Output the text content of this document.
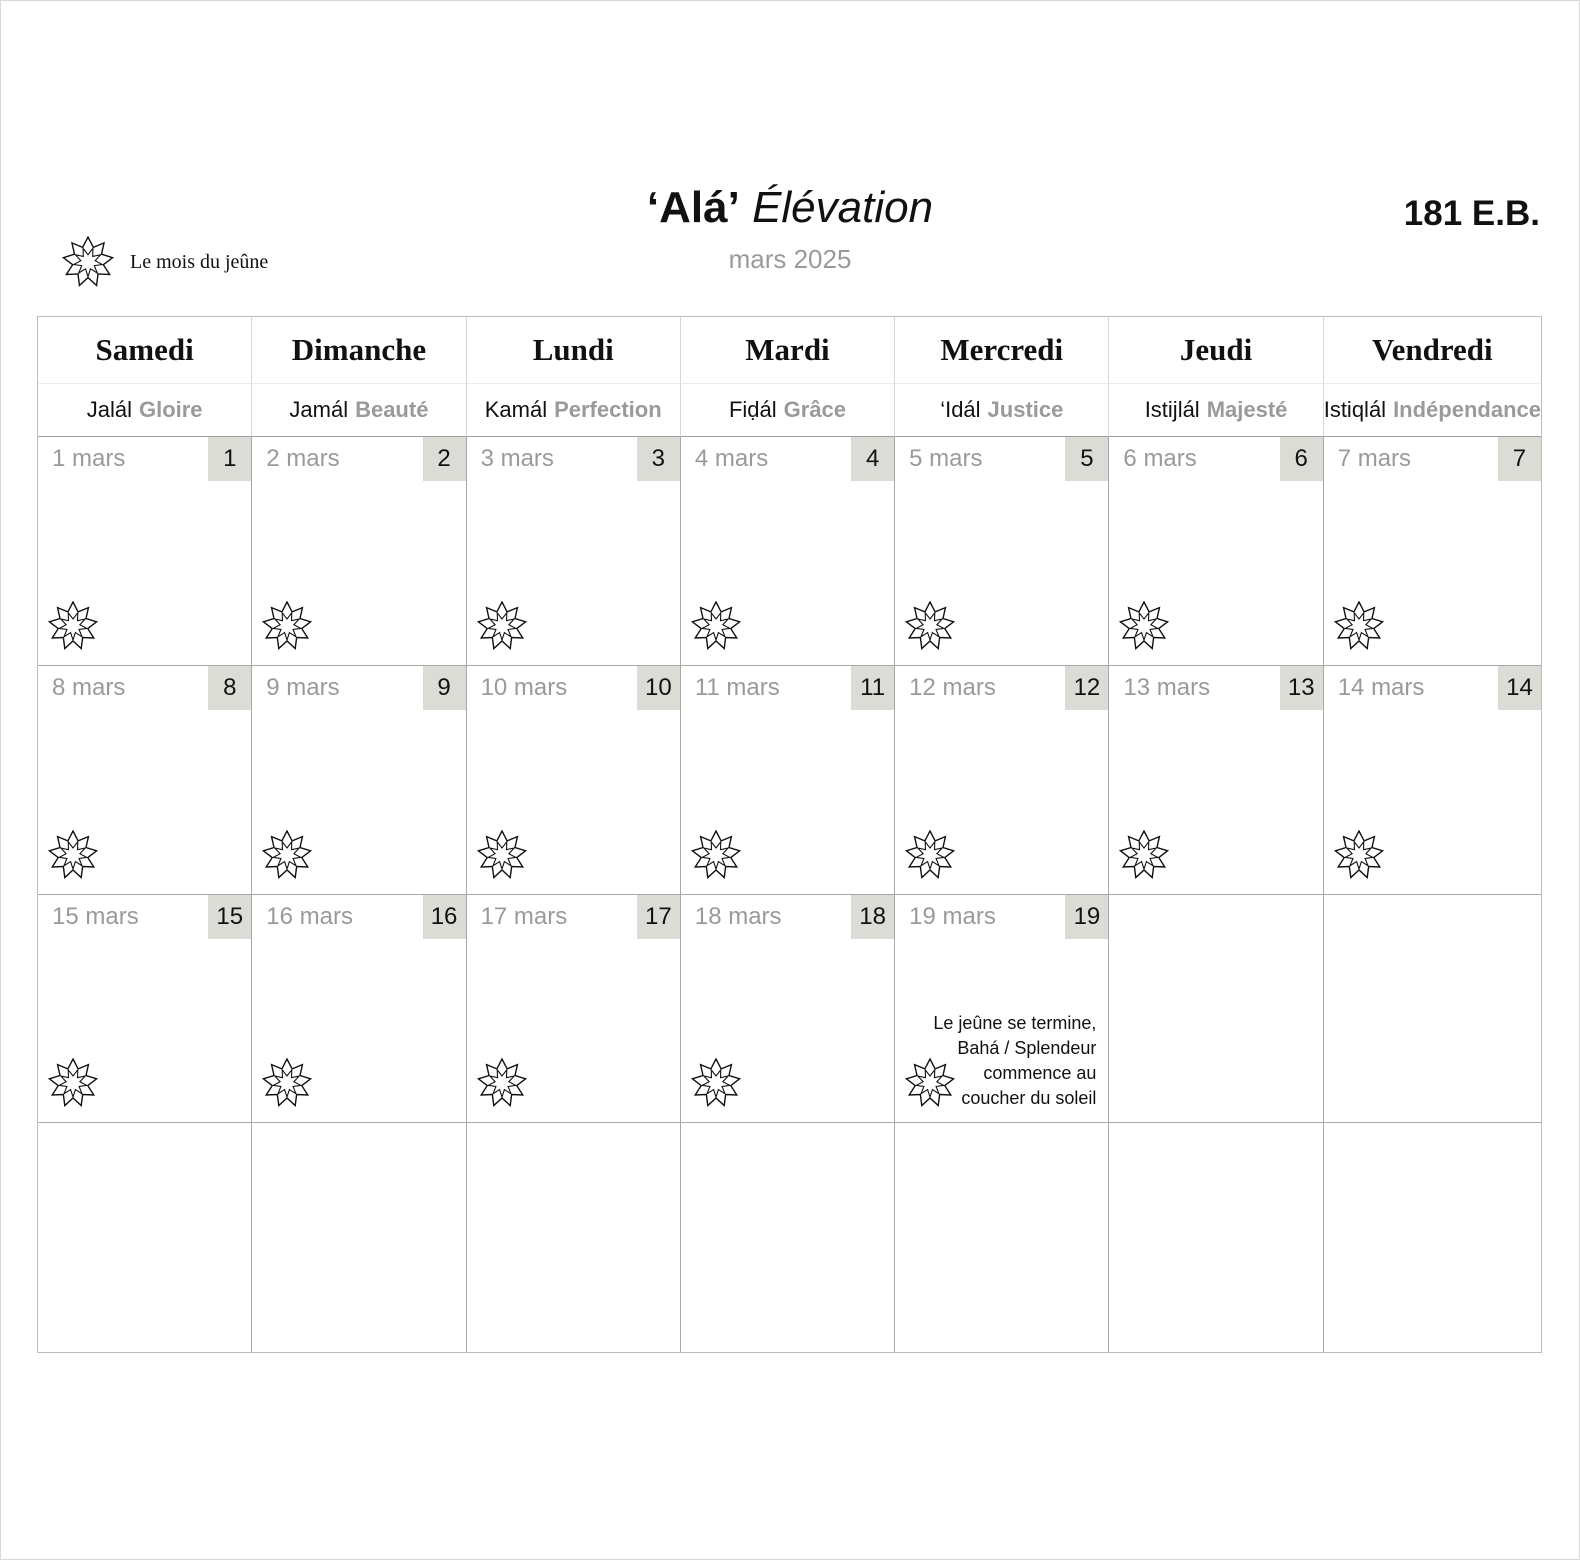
‘Alá’ Élévation
mars 2025
181 E.B.
Le mois du jeûne
Samedi	Dimanche	Lundi	Mardi	Mercredi	Jeudi	Vendredi
Jalál Gloire	Jamál Beauté	Kamál Perfection	Fiḍál Grâce	‘Idál Justice	Istijlál Majesté Istiqlál Indépendance
1 mars	1	2 mars	2	3 mars	3	4 mars	4	5 mars	5	6 mars	6	7 mars	7
8 mars	8	9 mars	9	10 mars	10 11 mars	11	12 mars	12 13 mars	13 14 mars	14
15 mars	15 16 mars	16 17 mars	17 18 mars	18 19 mars	19
Le jeûne se termine,
Bahá / Splendeur
commence au
coucher du soleil
